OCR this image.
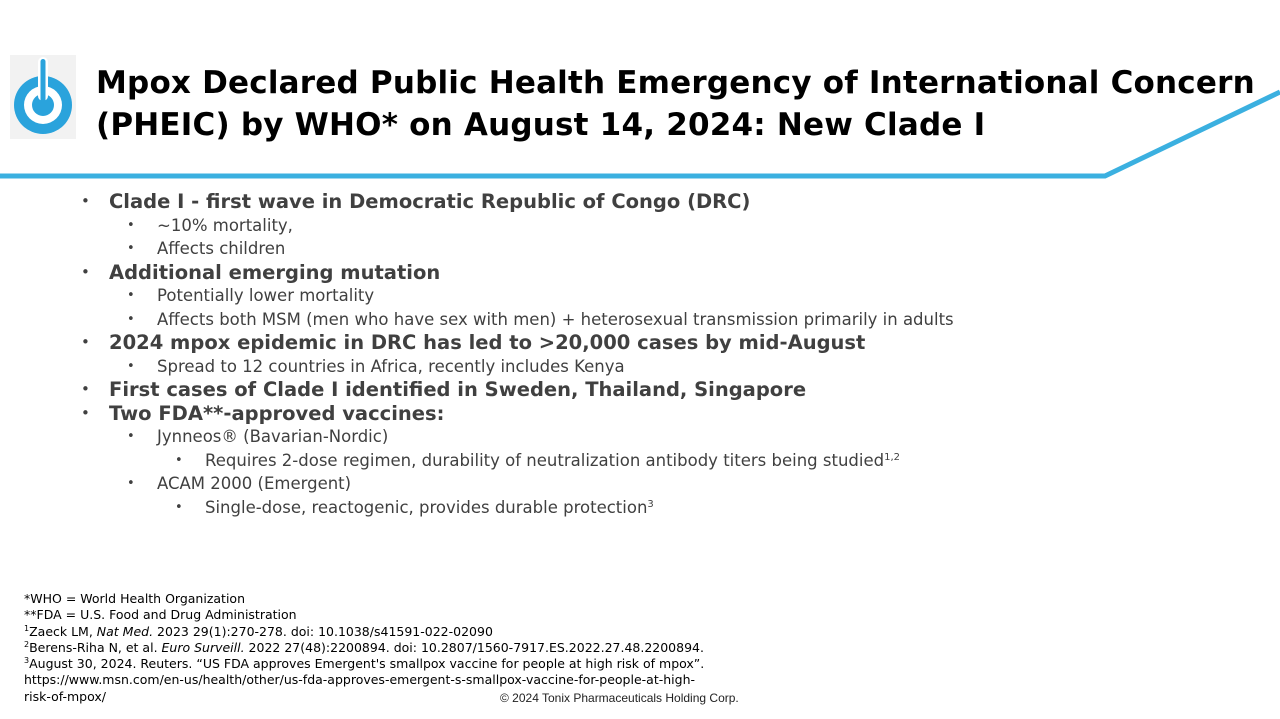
Mpox Declared Public Health Emergency of International Concern (PHEIC) by WHO* on August 14, 2024: New Clade I
• Clade I - first wave in Democratic Republic of Congo (DRC)
• ~10% mortality,
• Affects children
• Additional emerging mutation
• Potentially lower mortality
• Affects both MSM (men who have sex with men) + heterosexual transmission primarily in adults
• 2024 mpox epidemic in DRC has led to >20,000 cases by mid-August
• Spread to 12 countries in Africa, recently includes Kenya
• First cases of Clade I identified in Sweden, Thailand, Singapore
• Two FDA**-approved vaccines:
• Jynneos® (Bavarian-Nordic)
• Requires 2-dose regimen, durability of neutralization antibody titers being studied$^{1,2}$
• ACAM 2000 (Emergent)
• Single-dose, reactogenic, provides durable protection$^3$
*WHO = World Health Organization
**FDA = U.S. Food and Drug Administration
$^1$Zaeck LM, Nat Med. 2023 29(1):270-278. doi: 10.1038/s41591-022-02090
$^2$Berens-Riha N, et al. Euro Surveill. 2022 27(48):2200894. doi: 10.2807/1560-7917.ES.2022.27.48.2200894.
$^3$August 30, 2024. Reuters. “US FDA approves Emergent's smallpox vaccine for people at high risk of mpox”.
https://www.msn.com/en-us/health/other/us-fda-approves-emergent-s-smallpox-vaccine-for-people-at-high-
risk-of-mpox/	© 2024 Tonix Pharmaceuticals Holding Corp.
